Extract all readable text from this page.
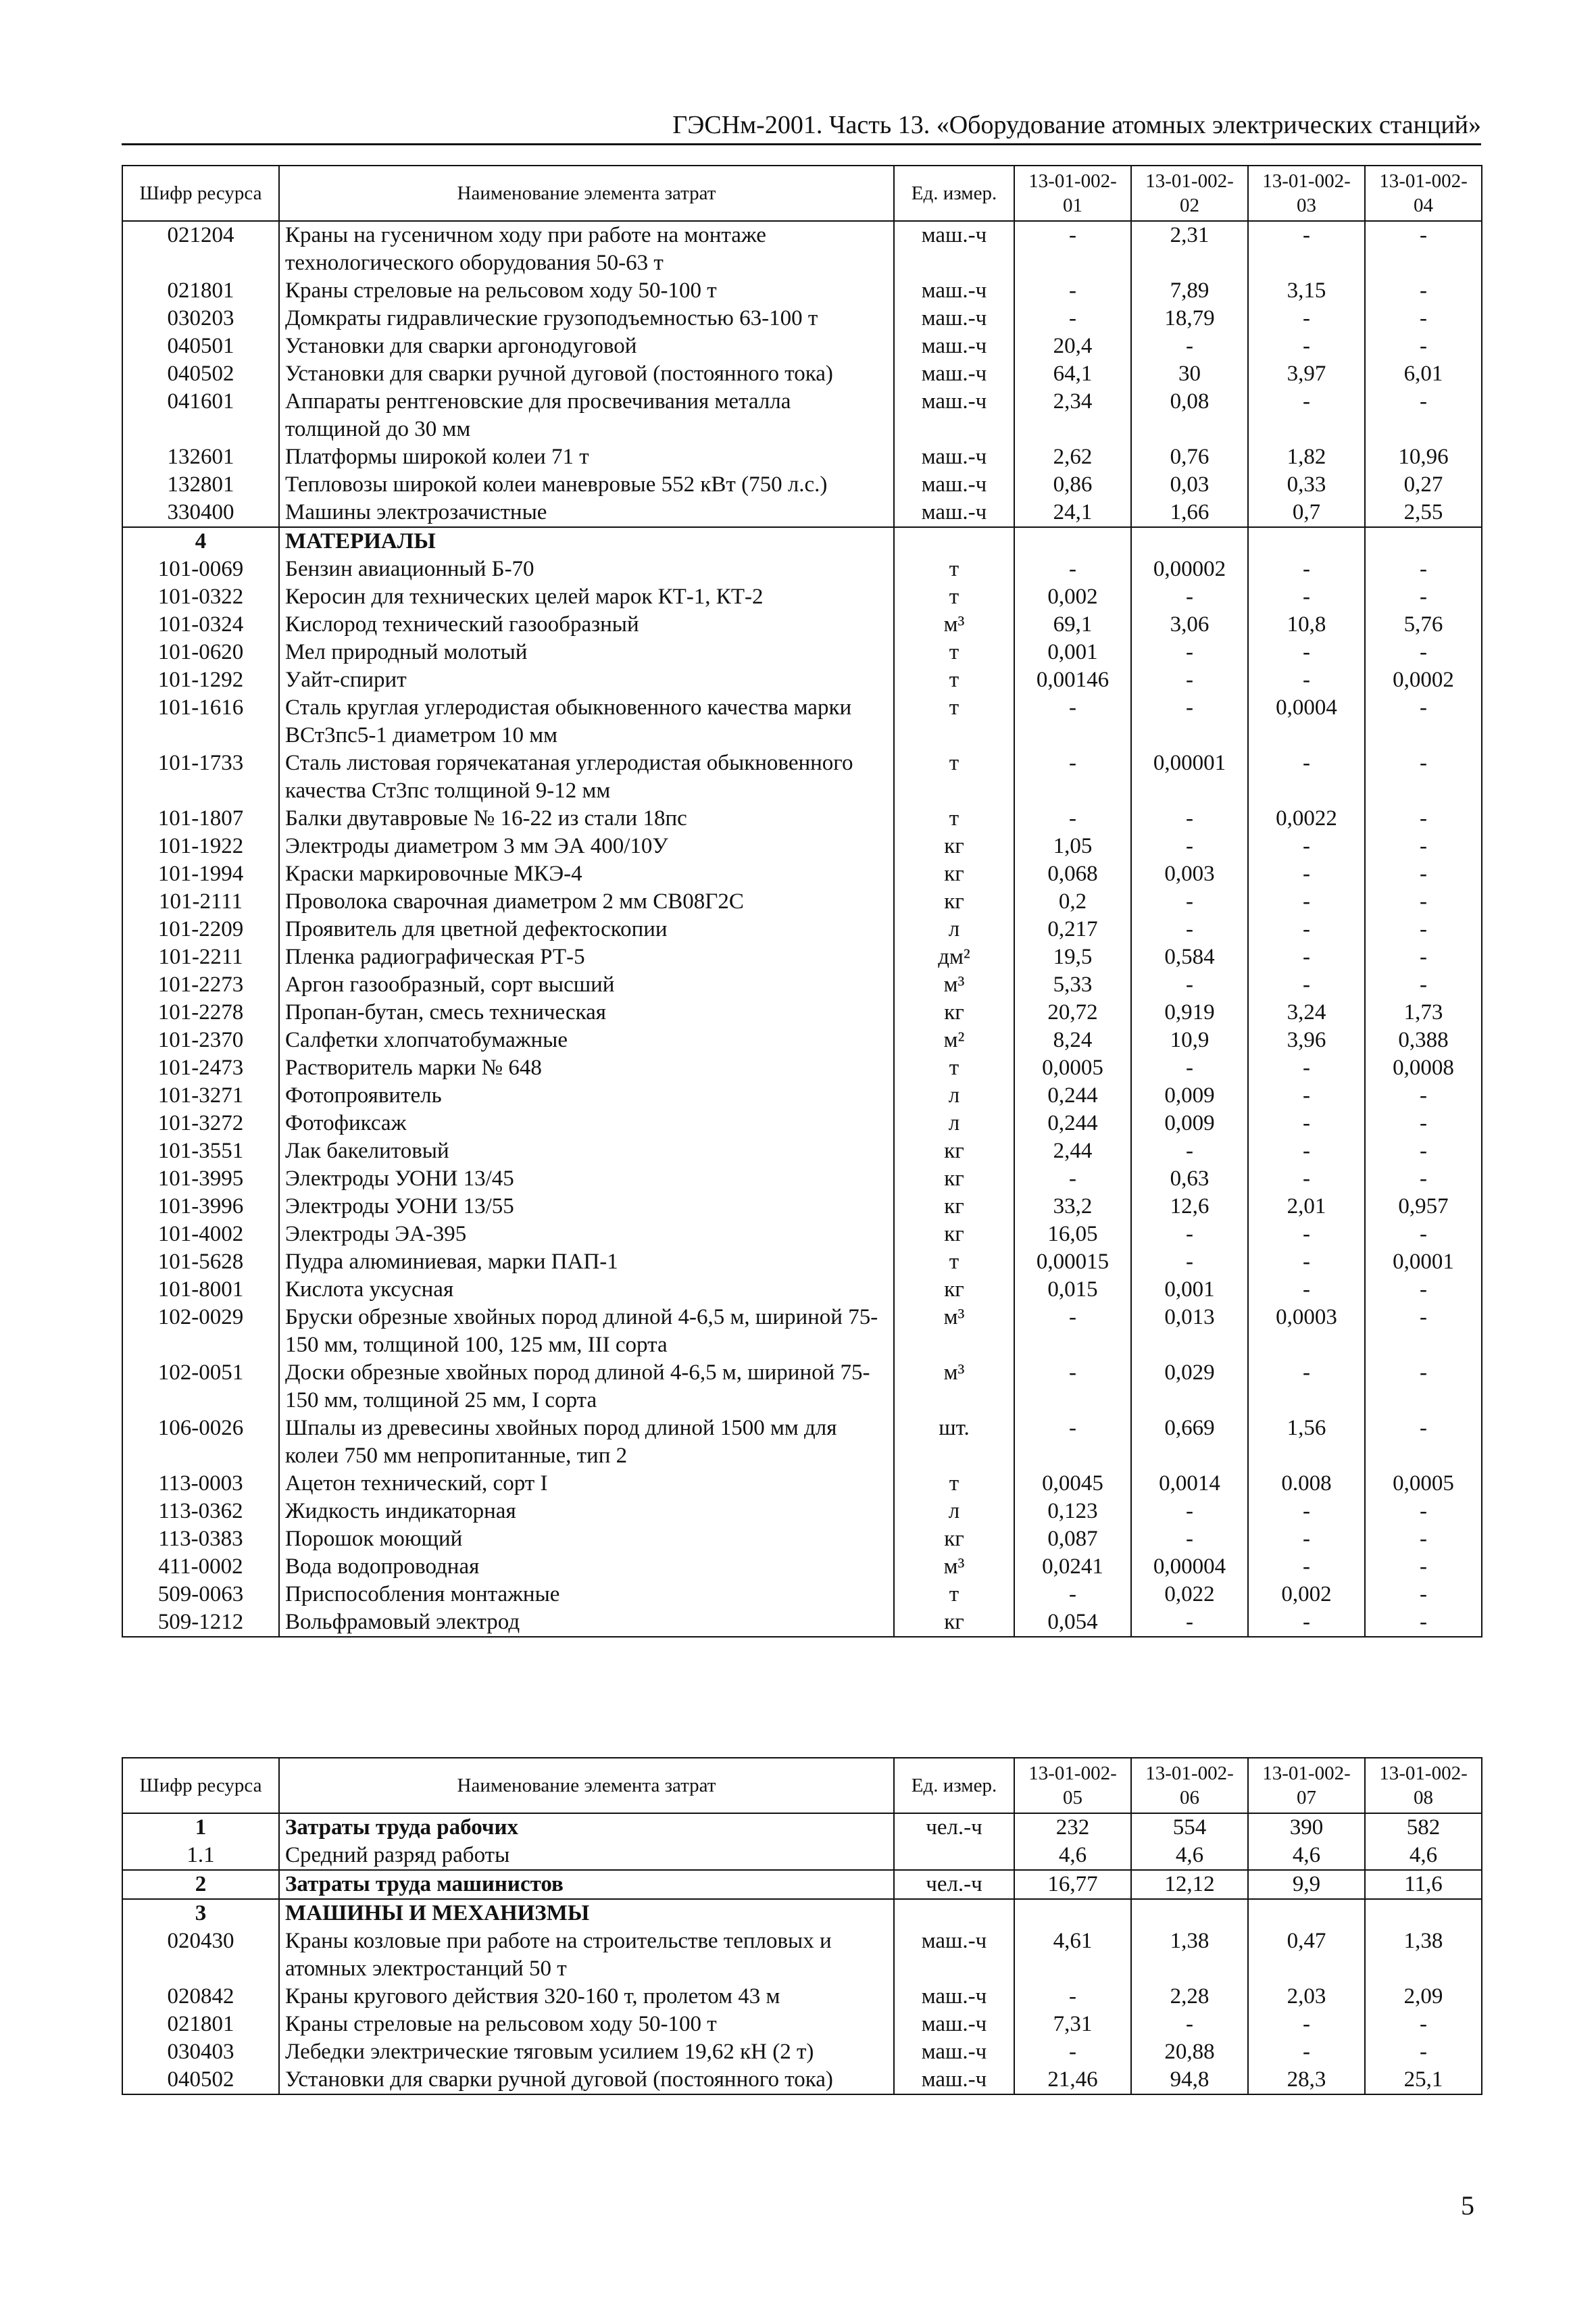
ГЭСНм-2001. Часть 13. «Оборудование атомных электрических станций»
Шифр ресурса	Наименование элемента затрат	Ед. измер.	13-01-002-01	13-01-002-02	13-01-002-03	13-01-002-04
021204	Краны на гусеничном ходу при работе на монтаже технологического оборудования 50-63 т	маш.-ч	-	2,31	-	-
021801	Краны стреловые на рельсовом ходу 50-100 т	маш.-ч	-	7,89	3,15	-
030203	Домкраты гидравлические грузоподъемностью 63-100 т	маш.-ч	-	18,79	-	-
040501	Установки для сварки аргонодуговой	маш.-ч	20,4	-	-	-
040502	Установки для сварки ручной дуговой (постоянного тока)	маш.-ч	64,1	30	3,97	6,01
041601	Аппараты рентгеновские для просвечивания металла толщиной до 30 мм	маш.-ч	2,34	0,08	-	-
132601	Платформы широкой колеи 71 т	маш.-ч	2,62	0,76	1,82	10,96
132801	Тепловозы широкой колеи маневровые 552 кВт (750 л.с.)	маш.-ч	0,86	0,03	0,33	0,27
330400	Машины электрозачистные	маш.-ч	24,1	1,66	0,7	2,55
4	МАТЕРИАЛЫ					
101-0069	Бензин авиационный Б-70	т	-	0,00002	-	-
101-0322	Керосин для технических целей марок КТ-1, КТ-2	т	0,002	-	-	-
101-0324	Кислород технический газообразный	м³	69,1	3,06	10,8	5,76
101-0620	Мел природный молотый	т	0,001	-	-	-
101-1292	Уайт-спирит	т	0,00146	-	-	0,0002
101-1616	Сталь круглая углеродистая обыкновенного качества марки ВСт3пс5-1 диаметром 10 мм	т	-	-	0,0004	-
101-1733	Сталь листовая горячекатаная углеродистая обыкновенного качества Ст3пс толщиной 9-12 мм	т	-	0,00001	-	-
101-1807	Балки двутавровые № 16-22 из стали 18пс	т	-	-	0,0022	-
101-1922	Электроды диаметром 3 мм ЭА 400/10У	кг	1,05	-	-	-
101-1994	Краски маркировочные МКЭ-4	кг	0,068	0,003	-	-
101-2111	Проволока сварочная диаметром 2 мм СВ08Г2С	кг	0,2	-	-	-
101-2209	Проявитель для цветной дефектоскопии	л	0,217	-	-	-
101-2211	Пленка радиографическая РТ-5	дм²	19,5	0,584	-	-
101-2273	Аргон газообразный, сорт высший	м³	5,33	-	-	-
101-2278	Пропан-бутан, смесь техническая	кг	20,72	0,919	3,24	1,73
101-2370	Салфетки хлопчатобумажные	м²	8,24	10,9	3,96	0,388
101-2473	Растворитель марки № 648	т	0,0005	-	-	0,0008
101-3271	Фотопроявитель	л	0,244	0,009	-	-
101-3272	Фотофиксаж	л	0,244	0,009	-	-
101-3551	Лак бакелитовый	кг	2,44	-	-	-
101-3995	Электроды УОНИ 13/45	кг	-	0,63	-	-
101-3996	Электроды УОНИ 13/55	кг	33,2	12,6	2,01	0,957
101-4002	Электроды ЭА-395	кг	16,05	-	-	-
101-5628	Пудра алюминиевая, марки ПАП-1	т	0,00015	-	-	0,0001
101-8001	Кислота уксусная	кг	0,015	0,001	-	-
102-0029	Бруски обрезные хвойных пород длиной 4-6,5 м, шириной 75-150 мм, толщиной 100, 125 мм, III сорта	м³	-	0,013	0,0003	-
102-0051	Доски обрезные хвойных пород длиной 4-6,5 м, шириной 75-150 мм, толщиной 25 мм, I сорта	м³	-	0,029	-	-
106-0026	Шпалы из древесины хвойных пород длиной 1500 мм для колеи 750 мм непропитанные, тип 2	шт.	-	0,669	1,56	-
113-0003	Ацетон технический, сорт I	т	0,0045	0,0014	0.008	0,0005
113-0362	Жидкость индикаторная	л	0,123	-	-	-
113-0383	Порошок моющий	кг	0,087	-	-	-
411-0002	Вода водопроводная	м³	0,0241	0,00004	-	-
509-0063	Приспособления монтажные	т	-	0,022	0,002	-
509-1212	Вольфрамовый электрод	кг	0,054	-	-	-
Шифр ресурса	Наименование элемента затрат	Ед. измер.	13-01-002-05	13-01-002-06	13-01-002-07	13-01-002-08
1	Затраты труда рабочих	чел.-ч	232	554	390	582
1.1	Средний разряд работы		4,6	4,6	4,6	4,6
2	Затраты труда машинистов	чел.-ч	16,77	12,12	9,9	11,6
3	МАШИНЫ И МЕХАНИЗМЫ					
020430	Краны козловые при работе на строительстве тепловых и атомных электростанций 50 т	маш.-ч	4,61	1,38	0,47	1,38
020842	Краны кругового действия 320-160 т, пролетом 43 м	маш.-ч	-	2,28	2,03	2,09
021801	Краны стреловые на рельсовом ходу 50-100 т	маш.-ч	7,31	-	-	-
030403	Лебедки электрические тяговым усилием 19,62 кН (2 т)	маш.-ч	-	20,88	-	-
040502	Установки для сварки ручной дуговой (постоянного тока)	маш.-ч	21,46	94,8	28,3	25,1
5
